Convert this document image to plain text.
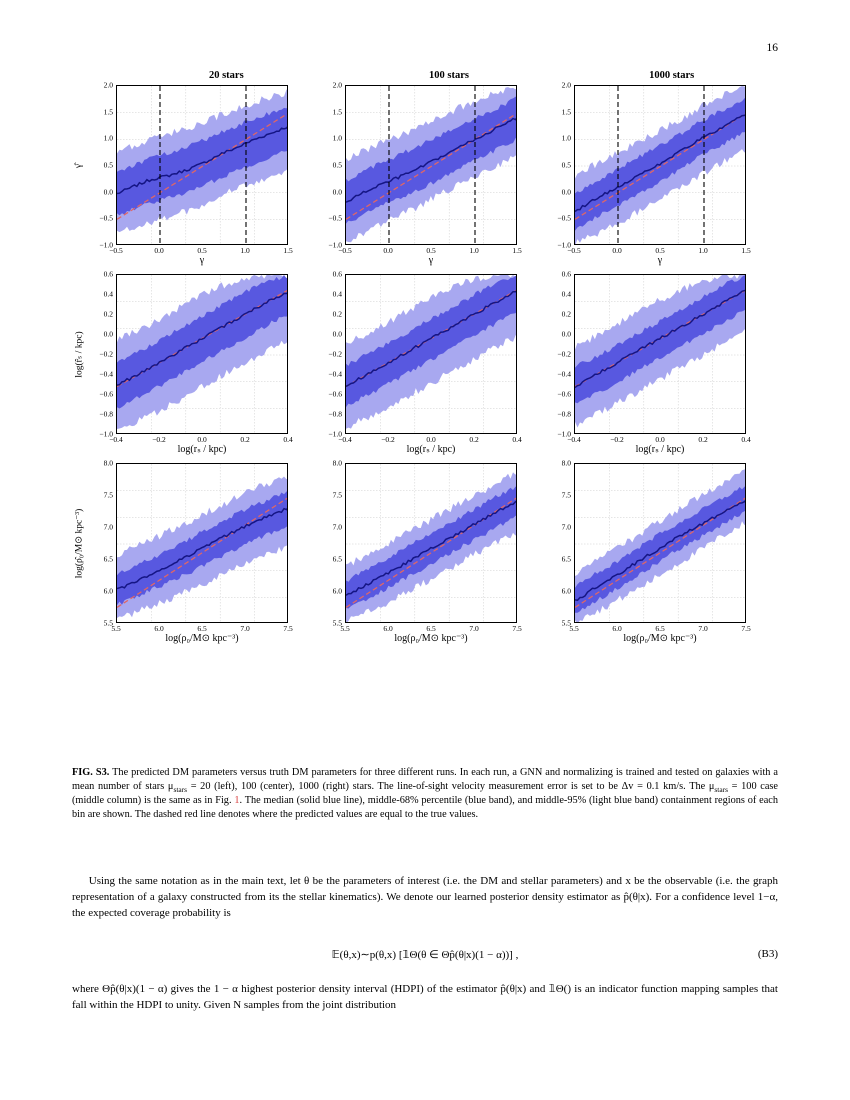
16
20 stars	100 stars	1000 stars
γ̂
−1.0
−0.5
0.0
0.5
1.0
1.5
2.0
−0.5	0.0	0.5	1.0	1.5
γ
−1.0
−0.5
0.0
0.5
1.0
1.5
2.0
−0.5	0.0	0.5	1.0	1.5
γ
−1.0
−0.5
0.0
0.5
1.0
1.5
2.0
−0.5	0.0	0.5	1.0	1.5
γ
log(r̂ₛ / kpc)
−1.0
−0.8
−0.6
−0.4
−0.2
0.0
0.2
0.4
0.6
−0.4	−0.2	0.0	0.2	0.4
log(rₛ / kpc)
−1.0
−0.8
−0.6
−0.4
−0.2
0.0
0.2
0.4
0.6
−0.4	−0.2	0.0	0.2	0.4
log(rₛ / kpc)
−1.0
−0.8
−0.6
−0.4
−0.2
0.0
0.2
0.4
0.6
−0.4	−0.2	0.0	0.2	0.4
log(rₛ / kpc)
log(ρ̂₀/M⊙ kpc⁻³)
5.5
6.0
6.5
7.0
7.5
8.0
5.5	6.0	6.5	7.0	7.5
log(ρ₀/M⊙ kpc⁻³)
5.5
6.0
6.5
7.0
7.5
8.0
5.5	6.0	6.5	7.0	7.5
log(ρ₀/M⊙ kpc⁻³)
5.5
6.0
6.5
7.0
7.5
8.0
5.5	6.0	6.5	7.0	7.5
log(ρ₀/M⊙ kpc⁻³)
FIG. S3. The predicted DM parameters versus truth DM parameters for three different runs. In each run, a GNN and normalizing is trained and tested on galaxies with a mean number of stars $\mu_{stars} = 20$ (left), 100 (center), 1000 (right) stars. The line-of-sight velocity measurement error is set to be Δv = 0.1 km/s. The $\mu_{stars} = 100$ case (middle column) is the same as in Fig. 1. The median (solid blue line), middle-68% percentile (blue band), and middle-95% (light blue band) containment regions of each bin are shown. The dashed red line denotes where the predicted values are equal to the true values.
Using the same notation as in the main text, let θ be the parameters of interest (i.e. the DM and stellar parameters) and x be the observable (i.e. the graph representation of a galaxy constructed from its the stellar kinematics). We denote our learned posterior density estimator as p̂(θ|x). For a confidence level 1−α, the expected coverage probability is
𝔼(θ,x)∼p(θ,x) [𝟙Θ(θ ∈ Θp̂(θ|x)(1 − α))] ,	(B3)
where Θp̂(θ|x)(1 − α) gives the 1 − α highest posterior density interval (HDPI) of the estimator p̂(θ|x) and 𝟙Θ() is an indicator function mapping samples that fall within the HDPI to unity. Given N samples from the joint distribution
